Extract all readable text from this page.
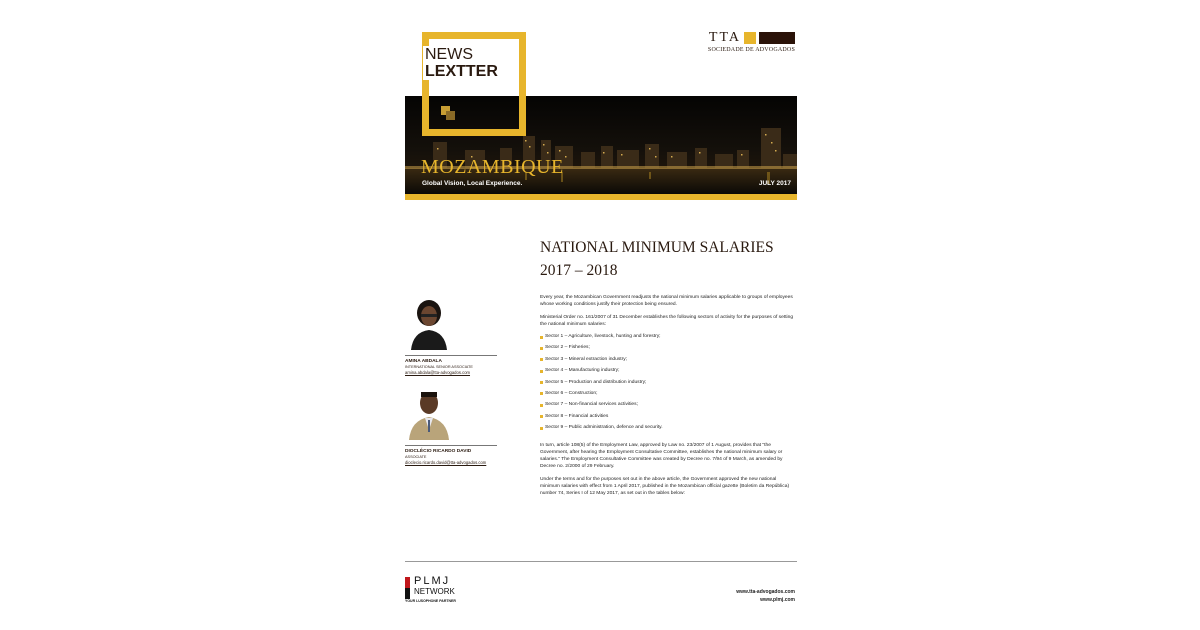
NEWS
LEXTTER
TTA
SOCIEDADE DE ADVOGADOS
MOZAMBIQUE
Global Vision, Local Experience.	JULY 2017
NATIONAL MINIMUM SALARIES
2017 – 2018

Every year, the Mozambican Government readjusts the national minimum salaries applicable to groups of employees whose working conditions justify their protection being ensured.

Ministerial Order no. 161/2007 of 31 December establishes the following sectors of activity for the purposes of setting the national minimum salaries:

Sector 1 – Agriculture, livestock, hunting and forestry;
Sector 2 – Fisheries;
Sector 3 – Mineral extraction industry;
Sector 4 – Manufacturing industry;
Sector 5 – Production and distribution industry;
Sector 6 – Construction;
Sector 7 – Non-financial services activities;
Sector 8 – Financial activities
Sector 9 – Public administration, defence and security.

In turn, article 108(5) of the Employment Law, approved by Law no. 23/2007 of 1 August, provides that "the Government, after hearing the Employment Consultative Committee, establishes the national minimum salary or salaries." The Employment Consultative Committee was created by Decree no. 7/94 of 9 March, as amended by Decree no. 2/2000 of 29 February.

Under the terms and for the purposes set out in the above article, the Government approved the new national minimum salaries with effect from 1 April 2017, published in the Mozambican official gazette (Boletim da República) number 74, Series I of 12 May 2017, as set out in the tables below:

AMINA ABDALA
INTERNATIONAL SENIOR ASSOCIATE
amina.abdala@tta-advogados.com
DIOCLÉCIO RICARDO DAVID
ASSOCIATE
dioclecio.ricardo.david@tta-advogados.com
PLMJ
NETWORK
YOUR LUSOPHONE PARTNER
www.tta-advogados.com
www.plmj.com
